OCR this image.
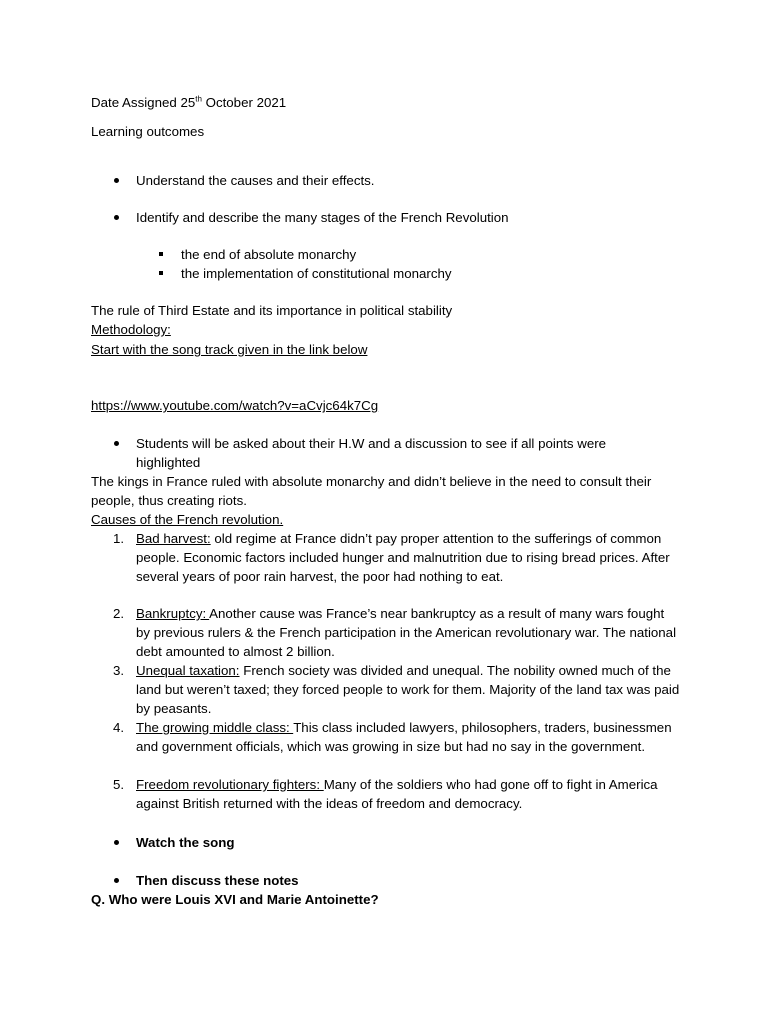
Date Assigned 25th October 2021

Learning outcomes

Understand the causes and their effects.
Identify and describe the many stages of the French Revolution
the end of absolute monarchy
the implementation of constitutional monarchy

The rule of Third Estate and its importance in political stability

Methodology:

Start with the song track given in the link below

https://www.youtube.com/watch?v=aCvjc64k7Cg

Students will be asked about their H.W and a discussion to see if all points were highlighted

The kings in France ruled with absolute monarchy and didn’t believe in the need to consult their people, thus creating riots.

Causes of the French revolution.

1. Bad harvest: old regime at France didn’t pay proper attention to the sufferings of common people. Economic factors included hunger and malnutrition due to rising bread prices. After several years of poor rain harvest, the poor had nothing to eat.
2. Bankruptcy: Another cause was France’s near bankruptcy as a result of many wars fought by previous rulers & the French participation in the American revolutionary war. The national debt amounted to almost 2 billion.
3. Unequal taxation: French society was divided and unequal. The nobility owned much of the land but weren’t taxed; they forced people to work for them. Majority of the land tax was paid by peasants.
4. The growing middle class: This class included lawyers, philosophers, traders, businessmen and government officials, which was growing in size but had no say in the government.
5. Freedom revolutionary fighters: Many of the soldiers who had gone off to fight in America against British returned with the ideas of freedom and democracy.
Watch the song
Then discuss these notes

Q. Who were Louis XVI and Marie Antoinette?
